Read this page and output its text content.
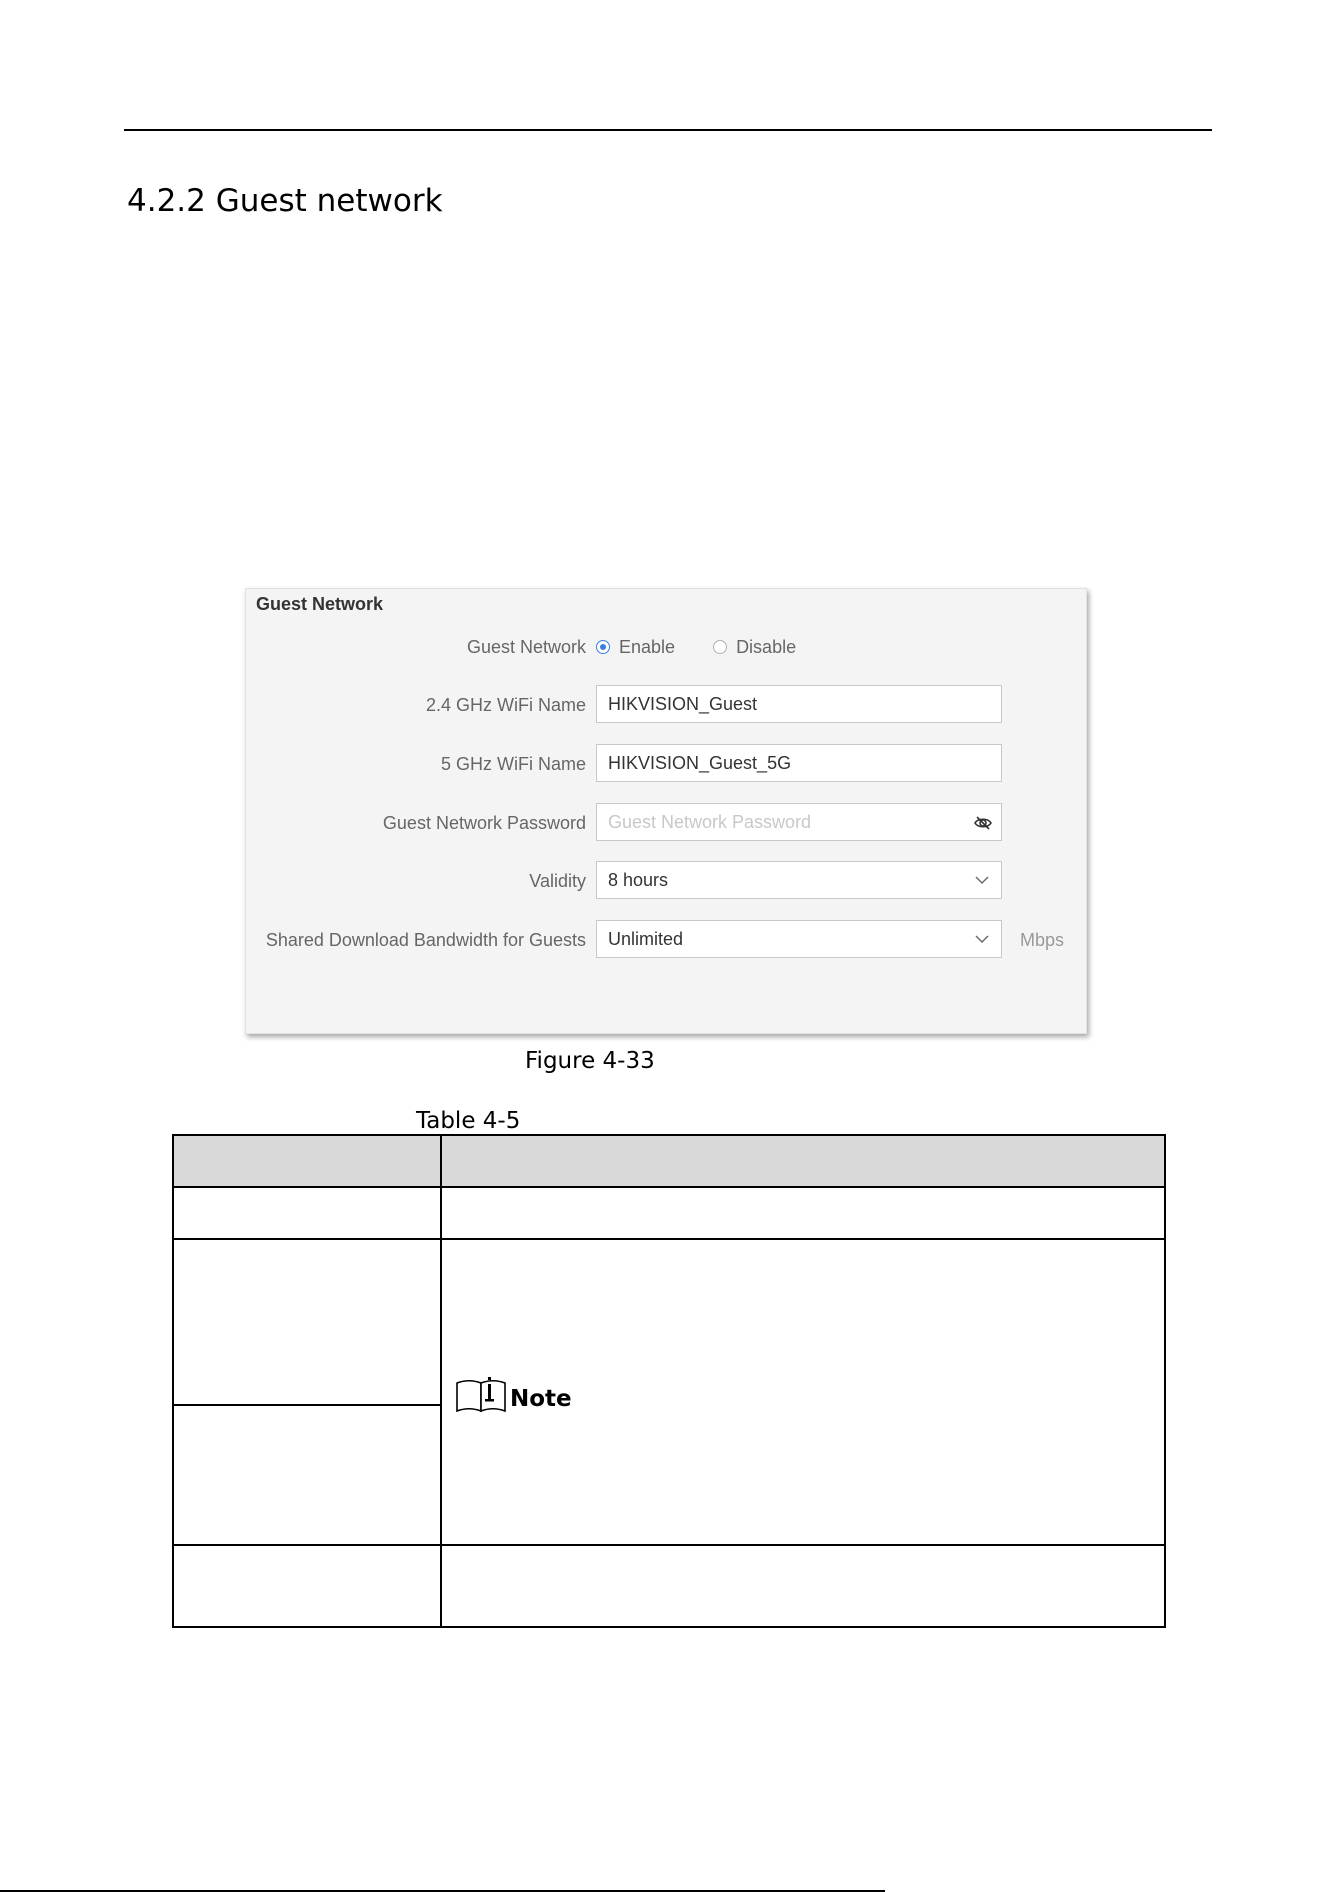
4.2.2 Guest network
Guest Network
Guest Network Enable	Disable
2.4 GHz WiFi Name	HIKVISION_Guest
5 GHz WiFi Name	HIKVISION_Guest_5G
Guest Network Password	Guest Network Password
Validity	8 hours
Shared Download Bandwidth for Guests	Unlimited	Mbps
Figure 4-33
Table 4-5
Note
